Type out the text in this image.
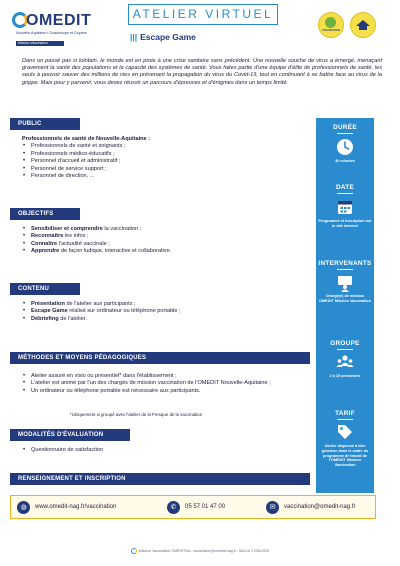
OMEDIT
Nouvelle-Aquitaine • Guadeloupe et Guyane
Mission Vaccination
ATELIER VIRTUEL
||| Escape Game
VACCINATION

Dans un passé pas si lointain, le monde est en proie à une crise sanitaire sans précédent. Une nouvelle souche de virus a émergé, menaçant gravement la santé des populations et la capacité des systèmes de santé. Vous faites partie d'une équipe d'élite de professionnels de santé, les seuls à pouvoir sauver des millions de vies en prévenant la propagation du virus du Covid-19, tout en continuant à se battre face au virus de la grippe. Mais pour y parvenir, vous devez réussir un parcours d'épreuves et d'énigmes dans un temps limité.

PUBLIC
Professionnels de santé de Nouvelle-Aquitaine :
• Professionnels de santé et soignants ;
• Professionnels médico-éducatifs ;
• Personnel d'accueil et administratif ;
• Personnel de service support ;
• Personnel de direction, ...
OBJECTIFS
• Sensibiliser et comprendre la vaccination ;
• Reconnaître les infox ;
• Connaître l'actualité vaccinale ;
• Apprendre de façon ludique, interactive et collaborative.
CONTENU
• Présentation de l'atelier aux participants ;
• Escape Game réalisé sur ordinateur ou téléphone portable ;
• Débriefing de l'atelier.
MÉTHODES ET MOYENS PÉDAGOGIQUES
• Atelier assuré en visio ou présentiel* dans l'établissement ;
• L'atelier est animé par l'un des chargés de mission vaccination de l'OMEDIT Nouvelle-Aquitaine ;
• Un ordinateur ou téléphone portable est nécessaire aux participants.
*Uniquement si groupé avec l'atelier de la Fresque de la vaccination
MODALITÉS D'ÉVALUATION
• Questionnaire de satisfaction
RENSEIGNEMENT ET INSCRIPTION
DURÉE
30 minutes
DATE
Programme et inscription sur le site internet
INTERVENANTS
Chargé(e) de mission OMEDIT Mission Vaccination
GROUPE
2 à 15 personnes
TARIF
Atelier dispensé à titre gracieux dans le cadre du programme de travail de l'OMEDIT Mission Vaccination
◍ www.omedit-nag.fr/vaccination	✆ 05 57 01 47 00	✉ vaccination@omedit-nag.fr
Mission Vaccination OMEDITNA - vaccination@omedit-nag.fr - MAJ le 17/06/2025
